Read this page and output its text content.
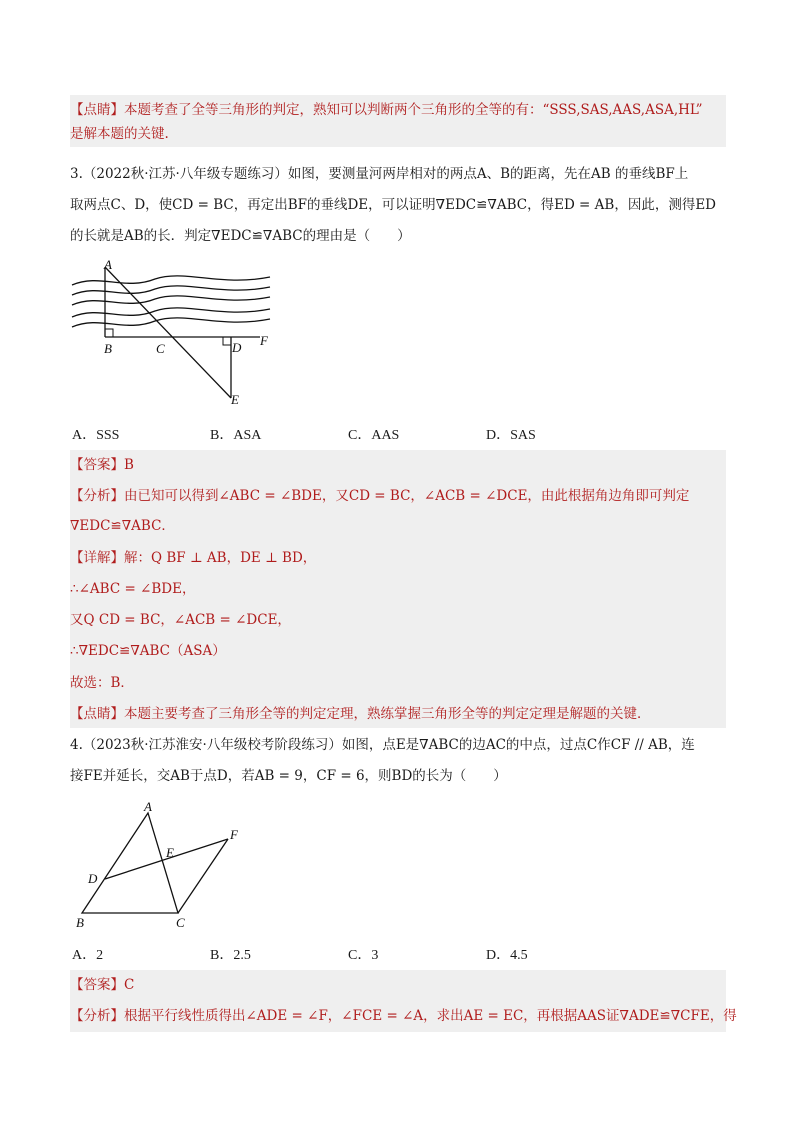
【点睛】本题考查了全等三角形的判定，熟知可以判断两个三角形的全等的有：“SSS,SAS,AAS,ASA,HL”
是解本题的关键.
3.（2022秋·江苏·八年级专题练习）如图，要测量河两岸相对的两点A、B的距离，先在AB 的垂线BF上
取两点C、D，使CD = BC，再定出BF的垂线DE，可以证明∇EDC≌∇ABC，得ED = AB，因此，测得ED
的长就是AB的长．判定∇EDC≌∇ABC的理由是（　　）
A
B	C	D
E
F
A．SSS	B．ASA	C．AAS	D．SAS
【答案】B
【分析】由已知可以得到∠ABC = ∠BDE，又CD = BC，∠ACB = ∠DCE，由此根据角边角即可判定
∇EDC≌∇ABC．
【详解】解：Q BF ⊥ AB，DE ⊥ BD，
∴∠ABC = ∠BDE，
又Q CD = BC，∠ACB = ∠DCE，
∴∇EDC≌∇ABC（ASA）
故选：B．
【点睛】本题主要考查了三角形全等的判定定理，熟练掌握三角形全等的判定定理是解题的关键．
4.（2023秋·江苏淮安·八年级校考阶段练习）如图，点E是∇ABC的边AC的中点，过点C作CF // AB，连
接FE并延长，交AB于点D，若AB = 9，CF = 6，则BD的长为（　　）
A
B	C
D
E
F
A．2	B．2.5	C．3	D．4.5
【答案】C
【分析】根据平行线性质得出∠ADE = ∠F，∠FCE = ∠A，求出AE = EC，再根据AAS证∇ADE≌∇CFE，得
